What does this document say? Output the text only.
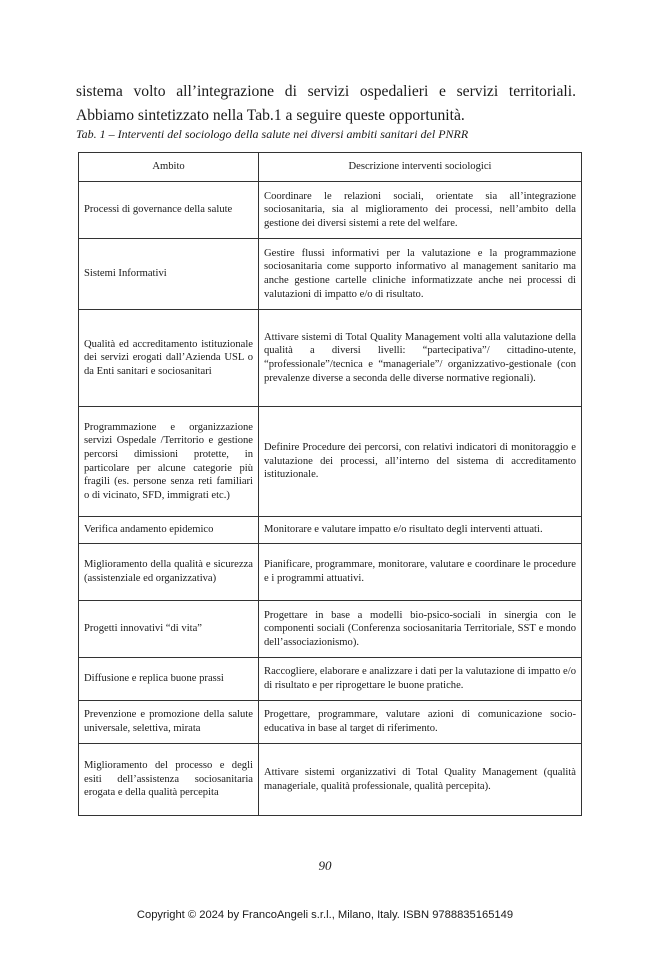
sistema volto all’integrazione di servizi ospedalieri e servizi territoriali. Abbiamo sintetizzato nella Tab.1 a seguire queste opportunità.

Tab. 1 – Interventi del sociologo della salute nei diversi ambiti sanitari del PNRR
Ambito	Descrizione interventi sociologici
Processi di governance della salute	Coordinare le relazioni sociali, orientate sia all’integrazione sociosanitaria, sia al miglioramento dei processi, nell’ambito della gestione dei diversi sistemi a rete del welfare.
Sistemi Informativi	Gestire flussi informativi per la valutazione e la programmazione sociosanitaria come supporto informativo al management sanitario ma anche gestione cartelle cliniche informatizzate anche nei processi di valutazioni di impatto e/o di risultato.
Qualità ed accreditamento istituzionale dei servizi erogati dall’Azienda USL o da Enti sanitari e sociosanitari	Attivare sistemi di Total Quality Management volti alla valutazione della qualità a diversi livelli: “partecipativa”/ cittadino-utente, “professionale”/tecnica e “manageriale”/ organizzativo-gestionale (con prevalenze diverse a seconda delle diverse normative regionali).
Programmazione e organizzazione servizi Ospedale /Territorio e gestione percorsi dimissioni protette, in particolare per alcune categorie più fragili (es. persone senza reti familiari o di vicinato, SFD, immigrati etc.)	Definire Procedure dei percorsi, con relativi indicatori di monitoraggio e valutazione dei processi, all’interno del sistema di accreditamento istituzionale.
Verifica andamento epidemico	Monitorare e valutare impatto e/o risultato degli interventi attuati.
Miglioramento della qualità e sicurezza (assistenziale ed organizzativa)	Pianificare, programmare, monitorare, valutare e coordinare le procedure e i programmi attuativi.
Progetti innovativi “di vita”	Progettare in base a modelli bio-psico-sociali in sinergia con le componenti sociali (Conferenza sociosanitaria Territoriale, SST e mondo dell’associazionismo).
Diffusione e replica buone prassi	Raccogliere, elaborare e analizzare i dati per la valutazione di impatto e/o di risultato e per riprogettare le buone pratiche.
Prevenzione e promozione della salute universale, selettiva, mirata	Progettare, programmare, valutare azioni di comunicazione socio-educativa in base al target di riferimento.
Miglioramento del processo e degli esiti dell’assistenza sociosanitaria erogata e della qualità percepita	Attivare sistemi organizzativi di Total Quality Management (qualità manageriale, qualità professionale, qualità percepita).
90
Copyright © 2024 by FrancoAngeli s.r.l., Milano, Italy. ISBN 9788835165149
